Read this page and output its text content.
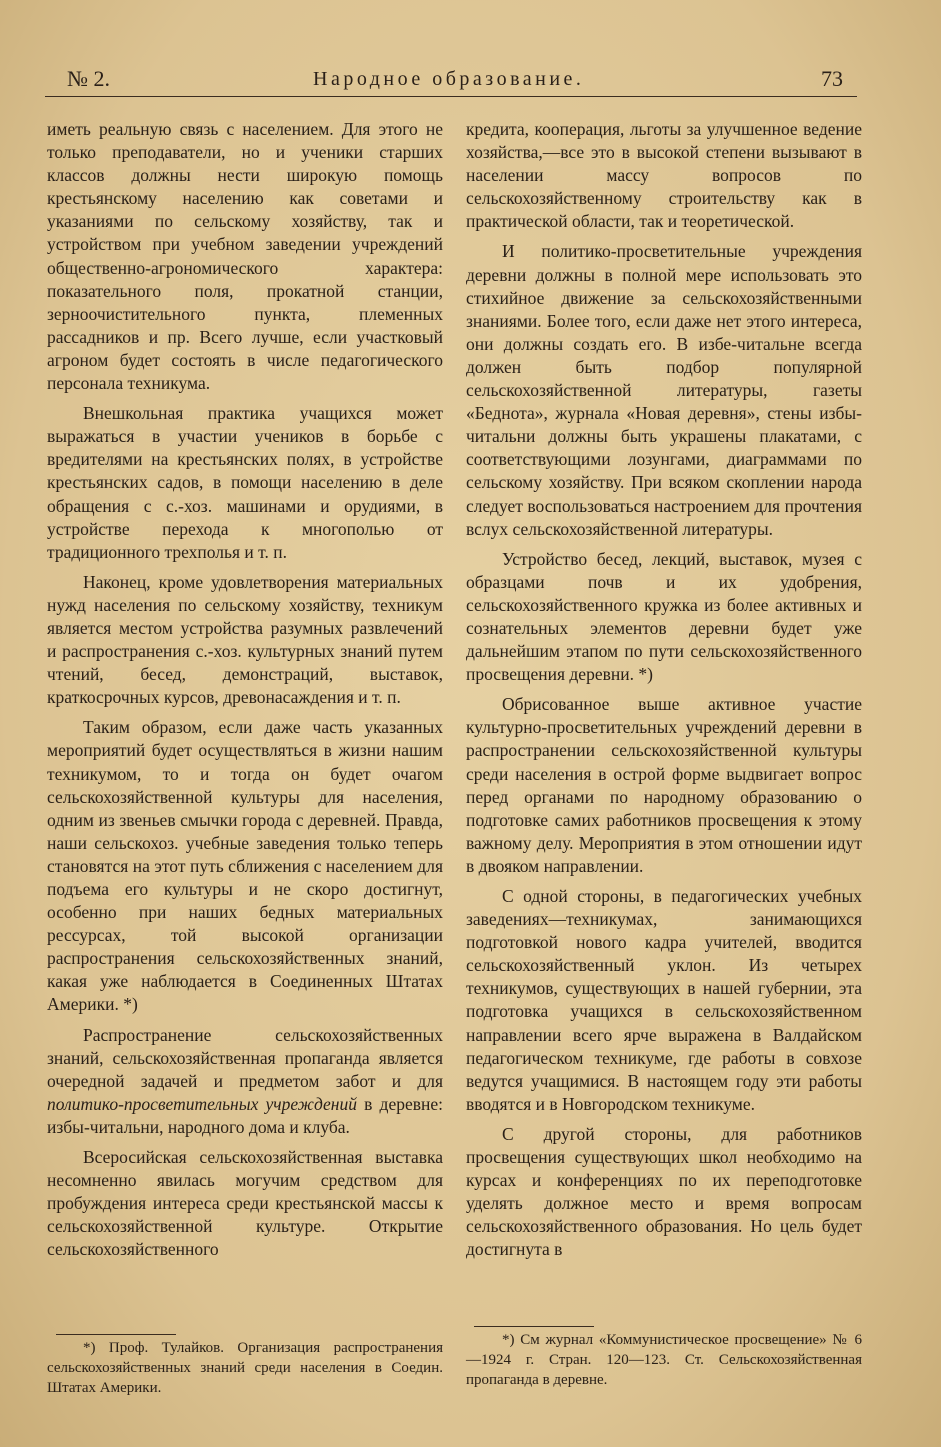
№ 2.	Народное образование.	73

иметь реальную связь с населением. Для этого не только преподаватели, но и ученики старших классов должны нести широкую помощь крестьянскому населению как советами и указаниями по сельскому хозяйству, так и устройством при учебном заведении учреждений общественно-агрономического характера: показательного поля, прокатной станции, зерноочистительного пункта, племенных рассадников и пр. Всего лучше, если участковый агроном будет состоять в числе педагогического персонала техникума.

Внешкольная практика учащихся может выражаться в участии учеников в борьбе с вредителями на крестьянских полях, в устройстве крестьянских садов, в помощи населению в деле обращения с с.-хоз. машинами и орудиями, в устройстве перехода к многополью от традиционного трехполья и т. п.

Наконец, кроме удовлетворения материальных нужд населения по сельскому хозяйству, техникум является местом устройства разумных развлечений и распространения с.-хоз. культурных знаний путем чтений, бесед, демонстраций, выставок, краткосрочных курсов, древонасаждения и т. п.

Таким образом, если даже часть указанных мероприятий будет осуществляться в жизни нашим техникумом, то и тогда он будет очагом сельскохозяйственной культуры для населения, одним из звеньев смычки города с деревней. Правда, наши сельскохоз. учебные заведения только теперь становятся на этот путь сближения с населением для подъема его культуры и не скоро достигнут, особенно при наших бедных материальных рессурсах, той высокой организации распространения сельскохозяйственных знаний, какая уже наблюдается в Соединенных Штатах Америки. *)

Распространение сельскохозяйственных знаний, сельскохозяйственная пропаганда является очередной задачей и предметом забот и для политико-просветительных учреждений в деревне: избы-читальни, народного дома и клуба.

Всеросийская сельскохозяйственная выставка несомненно явилась могучим средством для пробуждения интереса среди крестьянской массы к сельскохозяйственной культуре. Открытие сельскохозяйственного

*) Проф. Тулайков. Организация распространения сельскохозяйственных знаний среди населения в Соедин. Штатах Америки.

кредита, кооперация, льготы за улучшенное ведение хозяйства,—все это в высокой степени вызывают в населении массу вопросов по сельскохозяйственному строительству как в практической области, так и теоретической.

И политико-просветительные учреждения деревни должны в полной мере использовать это стихийное движение за сельскохозяйственными знаниями. Более того, если даже нет этого интереса, они должны создать его. В избе-читальне всегда должен быть подбор популярной сельскохозяйственной литературы, газеты «Беднота», журнала «Новая деревня», стены избы-читальни должны быть украшены плакатами, с соответствующими лозунгами, диаграммами по сельскому хозяйству. При всяком скоплении народа следует воспользоваться настроением для прочтения вслух сельскохозяйственной литературы.

Устройство бесед, лекций, выставок, музея с образцами почв и их удобрения, сельскохозяйственного кружка из более активных и сознательных элементов деревни будет уже дальнейшим этапом по пути сельскохозяйственного просвещения деревни. *)

Обрисованное выше активное участие культурно-просветительных учреждений деревни в распространении сельскохозяйственной культуры среди населения в острой форме выдвигает вопрос перед органами по народному образованию о подготовке самих работников просвещения к этому важному делу. Мероприятия в этом отношении идут в двояком направлении.

С одной стороны, в педагогических учебных заведениях—техникумах, занимающихся подготовкой нового кадра учителей, вводится сельскохозяйственный уклон. Из четырех техникумов, существующих в нашей губернии, эта подготовка учащихся в сельскохозяйственном направлении всего ярче выражена в Валдайском педагогическом техникуме, где работы в совхозе ведутся учащимися. В настоящем году эти работы вводятся и в Новгородском техникуме.

С другой стороны, для работников просвещения существующих школ необходимо на курсах и конференциях по их переподготовке уделять должное место и время вопросам сельскохозяйственного образования. Но цель будет достигнута в

*) См журнал «Коммунистическое просвещение» № 6—1924 г. Стран. 120—123. Ст. Сельскохозяйственная пропаганда в деревне.
